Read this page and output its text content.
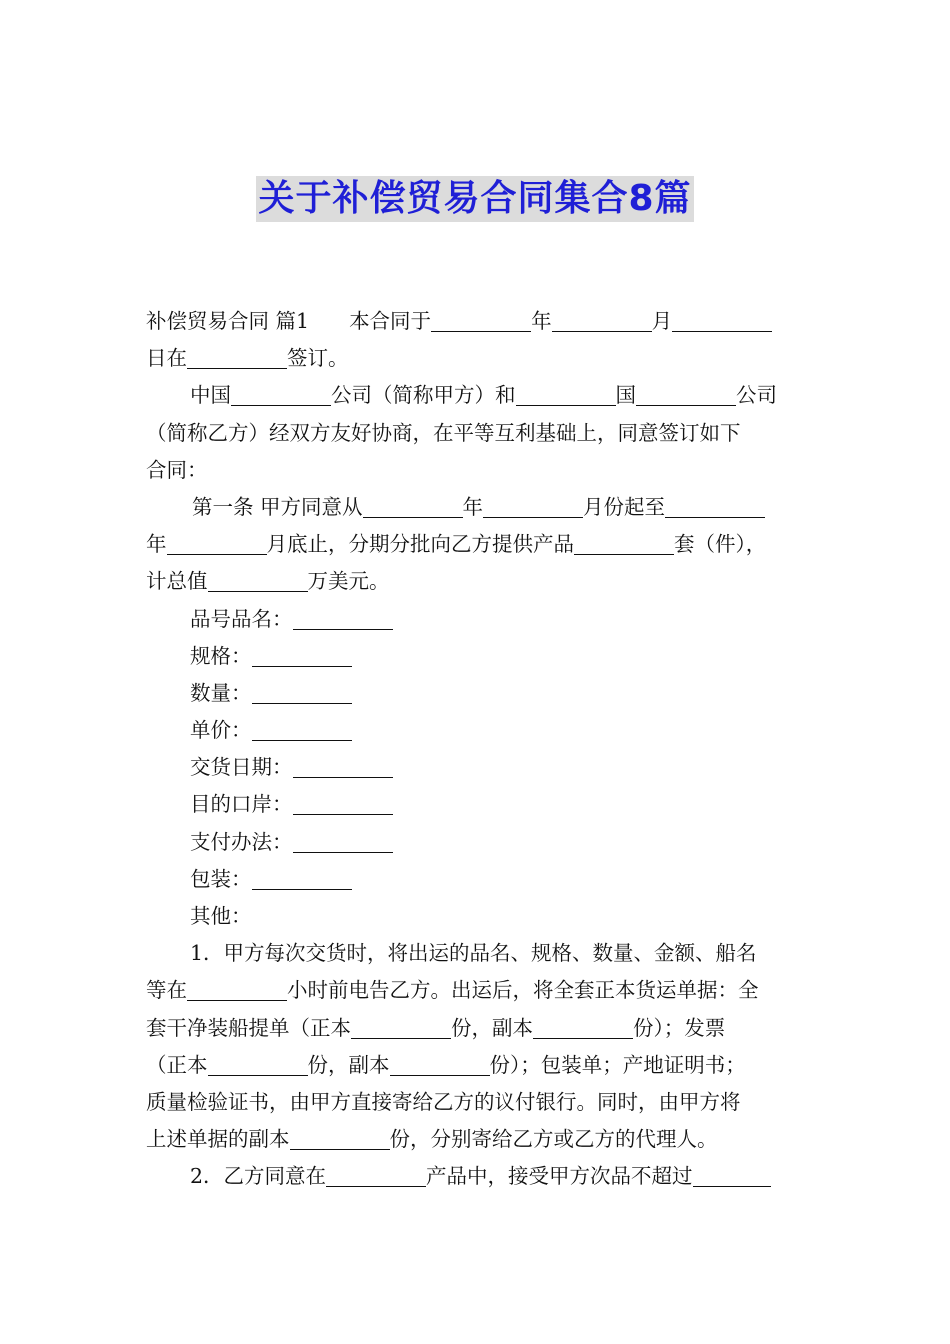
关于补偿贸易合同集合8篇
补偿贸易合同 篇1 本合同于	年	月
日在	签订。
中国	公司（简称甲方）和	国	公司
（简称乙方）经双方友好协商，在平等互利基础上，同意签订如下
合同：
第一条 甲方同意从	年	月份起至
年	月底止，分期分批向乙方提供产品	套（件），
计总值	万美元。
品号品名：
规格：
数量：
单价：
交货日期：
目的口岸：
支付办法：
包装：
其他：
1．甲方每次交货时，将出运的品名、规格、数量、金额、船名
等在	小时前电告乙方。出运后，将全套正本货运单据：全
套干净装船提单（正本	份，副本	份）；发票
（正本	份，副本	份）；包装单；产地证明书；
质量检验证书，由甲方直接寄给乙方的议付银行。同时，由甲方将
上述单据的副本	份，分别寄给乙方或乙方的代理人。
2．乙方同意在	产品中，接受甲方次品不超过
